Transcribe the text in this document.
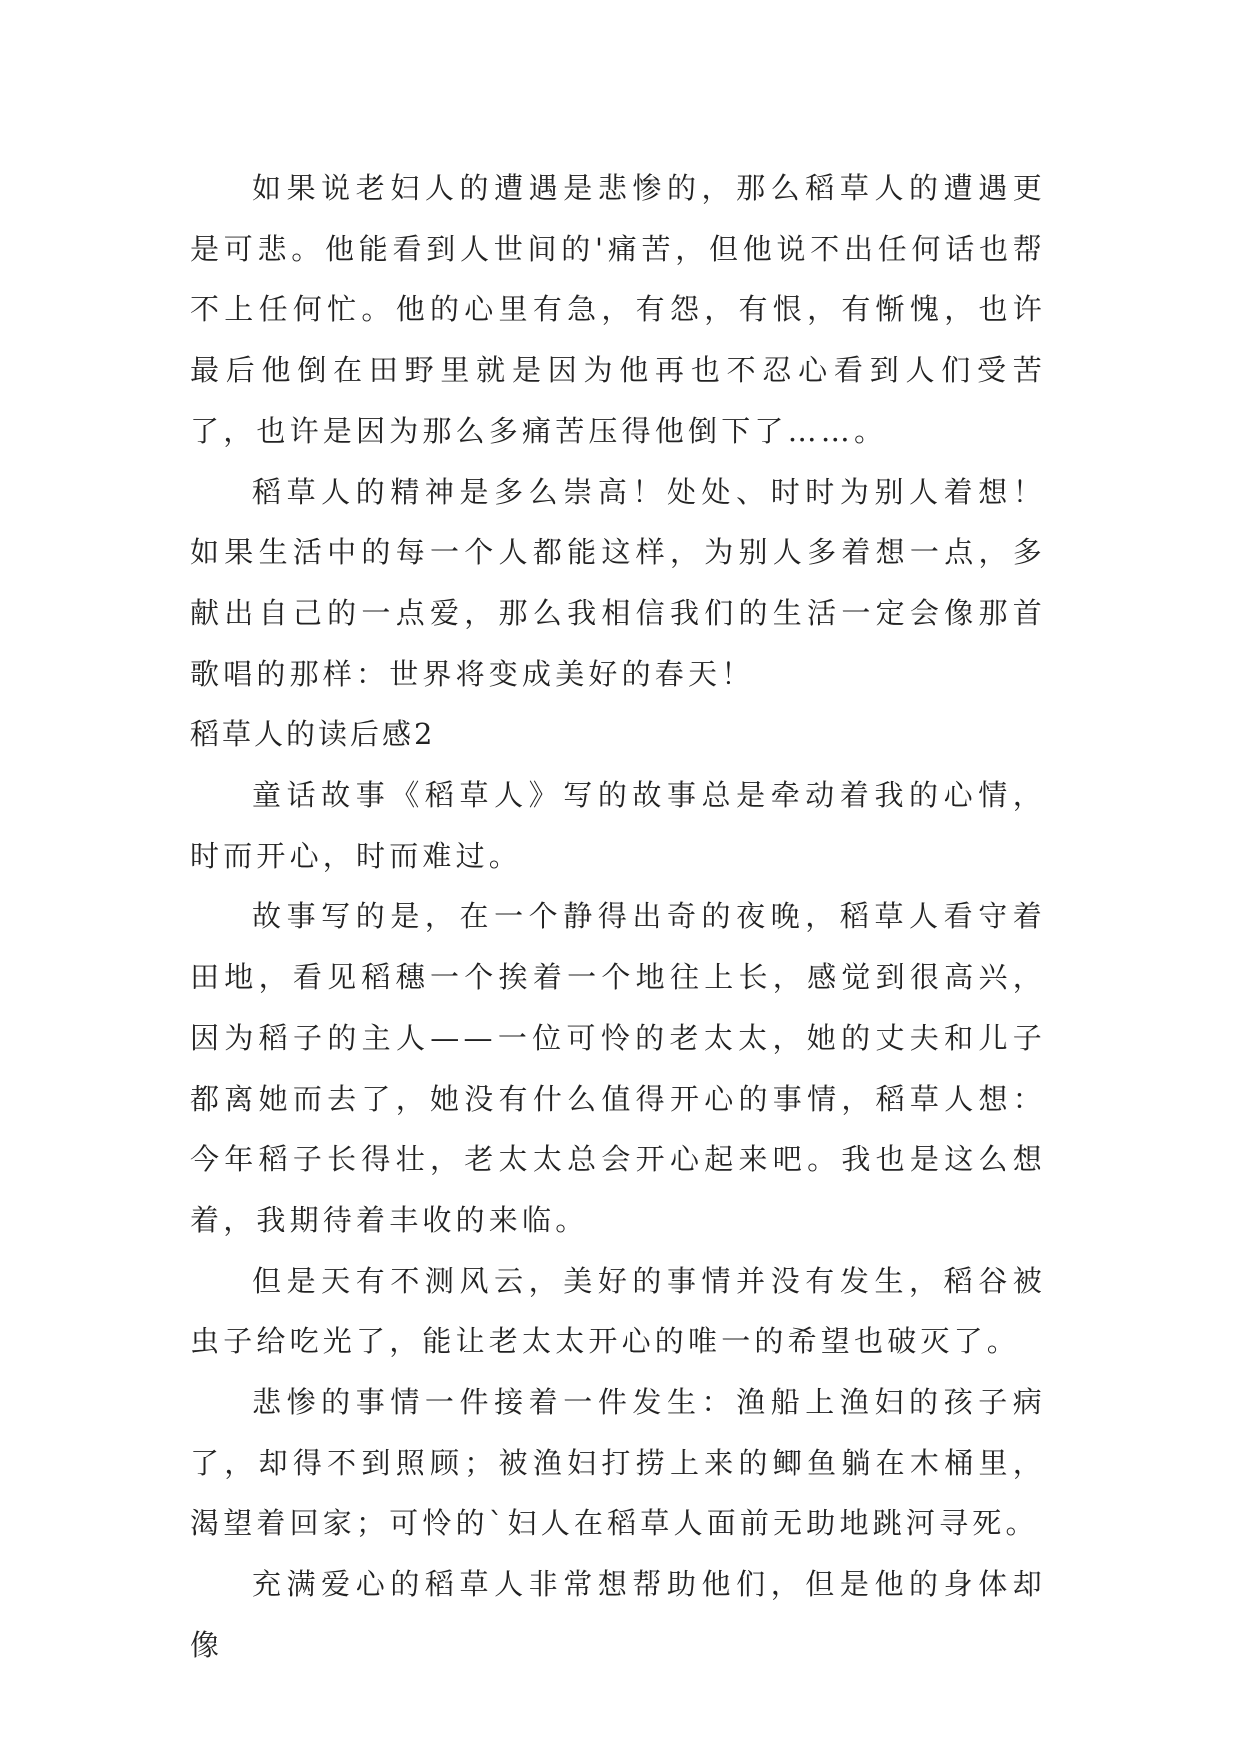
如果说老妇人的遭遇是悲惨的，那么稻草人的遭遇更是可悲。他能看到人世间的'痛苦，但他说不出任何话也帮不上任何忙。他的心里有急，有怨，有恨，有惭愧，也许最后他倒在田野里就是因为他再也不忍心看到人们受苦了，也许是因为那么多痛苦压得他倒下了……。

稻草人的精神是多么崇高！处处、时时为别人着想！如果生活中的每一个人都能这样，为别人多着想一点，多献出自己的一点爱，那么我相信我们的生活一定会像那首歌唱的那样：世界将变成美好的春天！

稻草人的读后感2

童话故事《稻草人》写的故事总是牵动着我的心情，时而开心，时而难过。

故事写的是，在一个静得出奇的夜晚，稻草人看守着田地，看见稻穗一个挨着一个地往上长，感觉到很高兴，因为稻子的主人——一位可怜的老太太，她的丈夫和儿子都离她而去了，她没有什么值得开心的事情，稻草人想：今年稻子长得壮，老太太总会开心起来吧。我也是这么想着，我期待着丰收的来临。

但是天有不测风云，美好的事情并没有发生，稻谷被虫子给吃光了，能让老太太开心的唯一的希望也破灭了。

悲惨的事情一件接着一件发生：渔船上渔妇的孩子病了，却得不到照顾；被渔妇打捞上来的鲫鱼躺在木桶里，渴望着回家；可怜的`妇人在稻草人面前无助地跳河寻死。

充满爱心的稻草人非常想帮助他们，但是他的身体却像
